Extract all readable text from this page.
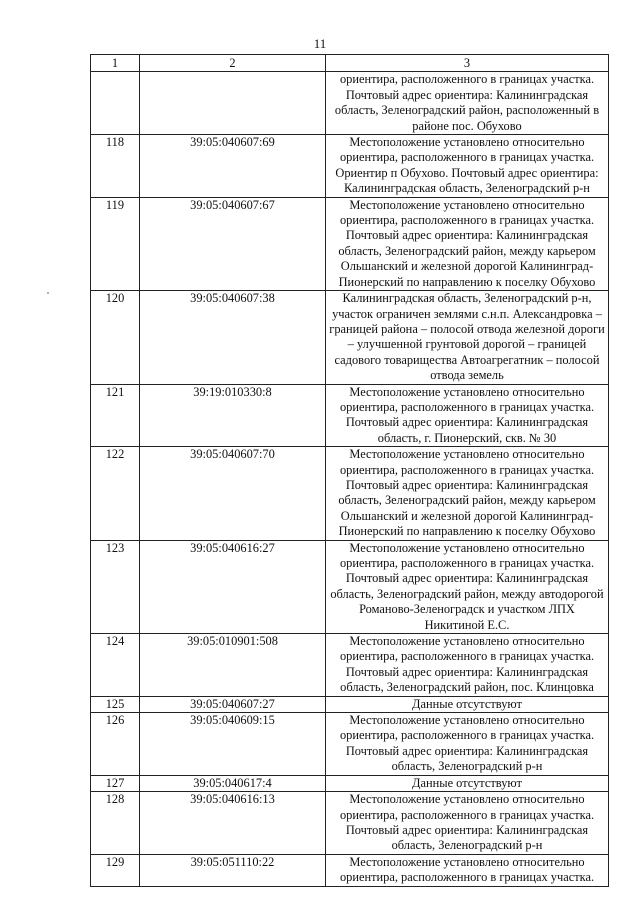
11
1	2	3
		ориентира, расположенного в границах участка. Почтовый адрес ориентира: Калининградская область, Зеленоградский район, расположенный в районе пос. Обухово
118	39:05:040607:69	Местоположение установлено относительно ориентира, расположенного в границах участка. Ориентир п Обухово. Почтовый адрес ориентира: Калининградская область, Зеленоградский р-н
119	39:05:040607:67	Местоположение установлено относительно ориентира, расположенного в границах участка. Почтовый адрес ориентира: Калининградская область, Зеленоградский район, между карьером Ольшанский и железной дорогой Калининград-Пионерский по направлению к поселку Обухово
120	39:05:040607:38	Калининградская область, Зеленоградский р-н, участок ограничен землями с.н.п. Александровка – границей района – полосой отвода железной дороги – улучшенной грунтовой дорогой – границей садового товарищества Автоагрегатник – полосой отвода земель
121	39:19:010330:8	Местоположение установлено относительно ориентира, расположенного в границах участка. Почтовый адрес ориентира: Калининградская область, г. Пионерский, скв. № 30
122	39:05:040607:70	Местоположение установлено относительно ориентира, расположенного в границах участка. Почтовый адрес ориентира: Калининградская область, Зеленоградский район, между карьером Ольшанский и железной дорогой Калининград-Пионерский по направлению к поселку Обухово
123	39:05:040616:27	Местоположение установлено относительно ориентира, расположенного в границах участка. Почтовый адрес ориентира: Калининградская область, Зеленоградский район, между автодорогой Романово-Зеленоградск и участком ЛПХ Никитиной Е.С.
124	39:05:010901:508	Местоположение установлено относительно ориентира, расположенного в границах участка. Почтовый адрес ориентира: Калининградская область, Зеленоградский район, пос. Клинцовка
125	39:05:040607:27	Данные отсутствуют
126	39:05:040609:15	Местоположение установлено относительно ориентира, расположенного в границах участка. Почтовый адрес ориентира: Калининградская область, Зеленоградский р-н
127	39:05:040617:4	Данные отсутствуют
128	39:05:040616:13	Местоположение установлено относительно ориентира, расположенного в границах участка. Почтовый адрес ориентира: Калининградская область, Зеленоградский р-н
129	39:05:051110:22	Местоположение установлено относительно ориентира, расположенного в границах участка.
